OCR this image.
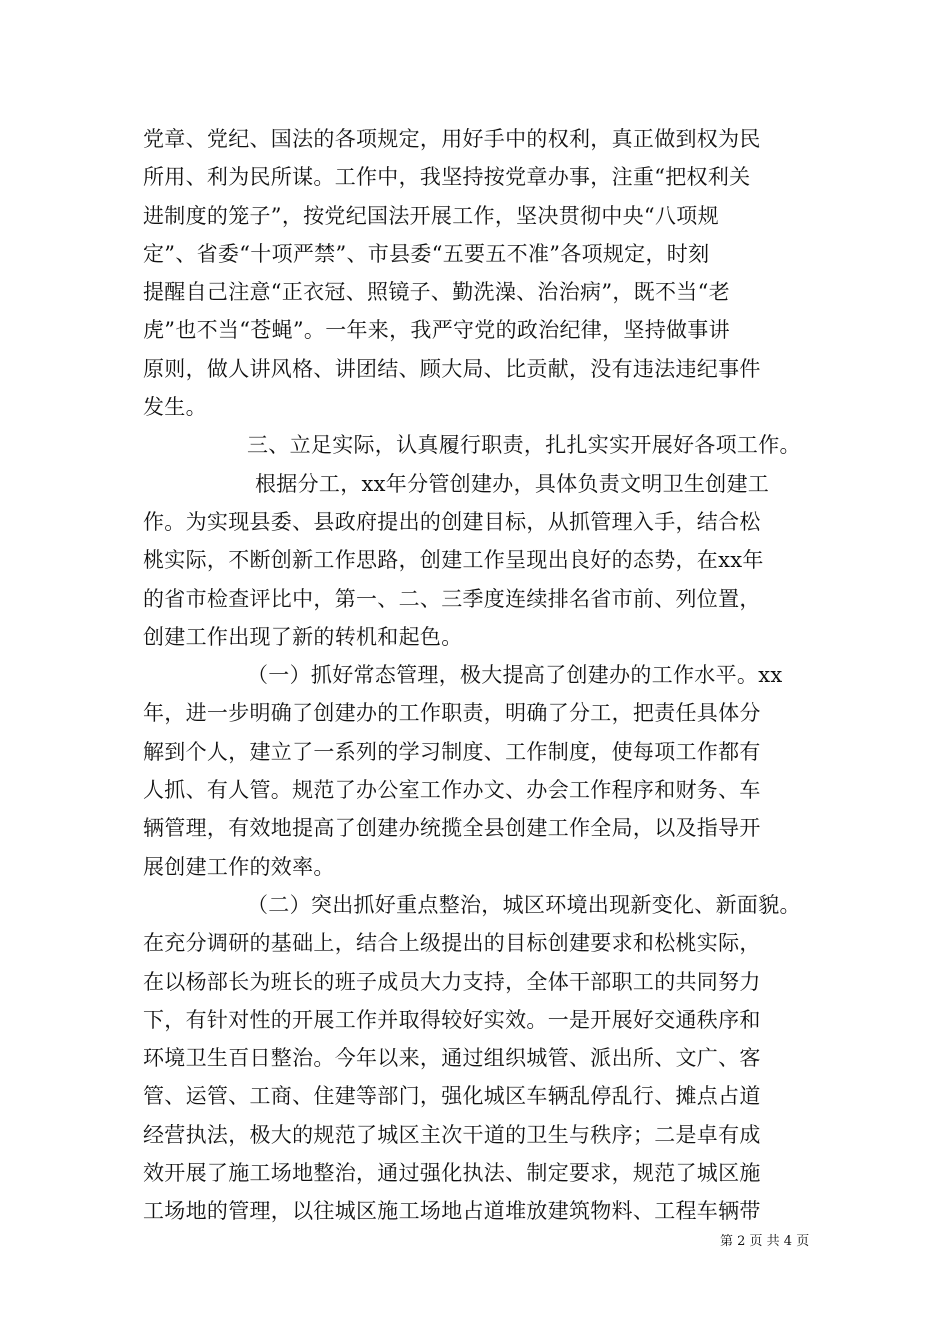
党章、党纪、国法的各项规定，用好手中的权利，真正做到权为民
所用、利为民所谋。工作中，我坚持按党章办事，注重“把权利关
进制度的笼子”，按党纪国法开展工作，坚决贯彻中央“八项规
定”、省委“十项严禁”、市县委“五要五不准”各项规定，时刻
提醒自己注意“正衣冠、照镜子、勤洗澡、治治病”，既不当“老
虎”也不当“苍蝇”。一年来，我严守党的政治纪律，坚持做事讲
原则，做人讲风格、讲团结、顾大局、比贡献，没有违法违纪事件
发生。
三、立足实际，认真履行职责，扎扎实实开展好各项工作。
根据分工，xx年分管创建办，具体负责文明卫生创建工
作。为实现县委、县政府提出的创建目标，从抓管理入手，结合松
桃实际，不断创新工作思路，创建工作呈现出良好的态势，在xx年
的省市检查评比中，第一、二、三季度连续排名省市前、列位置，
创建工作出现了新的转机和起色。
（一）抓好常态管理，极大提高了创建办的工作水平。xx
年，进一步明确了创建办的工作职责，明确了分工，把责任具体分
解到个人，建立了一系列的学习制度、工作制度，使每项工作都有
人抓、有人管。规范了办公室工作办文、办会工作程序和财务、车
辆管理，有效地提高了创建办统揽全县创建工作全局，以及指导开
展创建工作的效率。
（二）突出抓好重点整治，城区环境出现新变化、新面貌。
在充分调研的基础上，结合上级提出的目标创建要求和松桃实际，
在以杨部长为班长的班子成员大力支持，全体干部职工的共同努力
下，有针对性的开展工作并取得较好实效。一是开展好交通秩序和
环境卫生百日整治。今年以来，通过组织城管、派出所、文广、客
管、运管、工商、住建等部门，强化城区车辆乱停乱行、摊点占道
经营执法，极大的规范了城区主次干道的卫生与秩序；二是卓有成
效开展了施工场地整治，通过强化执法、制定要求，规范了城区施
工场地的管理，以往城区施工场地占道堆放建筑物料、工程车辆带
第 2 页 共 4 页
